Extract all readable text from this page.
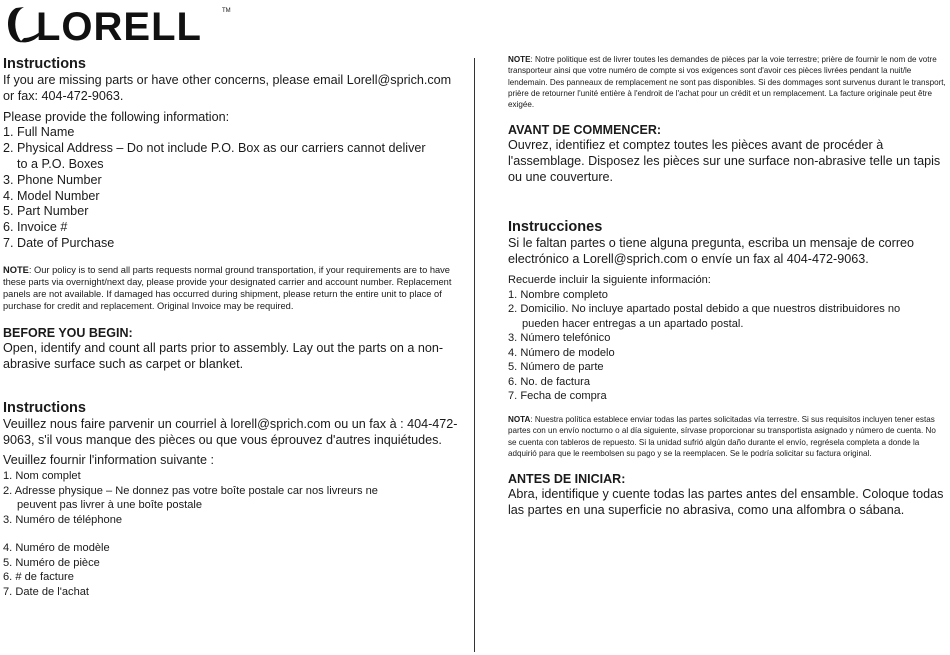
LORELL	TM
Instructions

If you are missing parts or have other concerns, please email Lorell@sprich.com or fax: 404-472-9063.

Please provide the following information:

1. Full Name
2. Physical Address – Do not include P.O. Box as our carriers cannot deliver
to a P.O. Boxes
3. Phone Number
4. Model Number
5. Part Number
6. Invoice #
7. Date of Purchase

NOTE: Our policy is to send all parts requests normal ground transportation, if your requirements are to have these parts via overnight/next day, please provide your designated carrier and account number. Replacement panels are not available. If damaged has occurred during shipment, please return the entire unit to place of purchase for credit and replacement. Original Invoice may be required.

BEFORE YOU BEGIN:

Open, identify and count all parts prior to assembly. Lay out the parts on a non-abrasive surface such as carpet or blanket.

Instructions

Veuillez nous faire parvenir un courriel à lorell@sprich.com ou un fax à : 404-472-9063, s'il vous manque des pièces ou que vous éprouvez d'autres inquiétudes.

Veuillez fournir l'information suivante :

1. Nom complet
2. Adresse physique – Ne donnez pas votre boîte postale car nos livreurs ne
peuvent pas livrer à une boîte postale
3. Numéro de téléphone
4. Numéro de modèle
5. Numéro de pièce
6. # de facture
7. Date de l'achat

NOTE: Notre politique est de livrer toutes les demandes de pièces par la voie terrestre; prière de fournir le nom de votre transporteur ainsi que votre numéro de compte si vos exigences sont d'avoir ces pièces livrées pendant la nuit/le lendemain. Des panneaux de remplacement ne sont pas disponibles. Si des dommages sont survenus durant le transport, prière de retourner l'unité entière à l'endroit de l'achat pour un crédit et un remplacement. La facture originale peut être exigée.

AVANT DE COMMENCER:

Ouvrez, identifiez et comptez toutes les pièces avant de procéder à l'assemblage. Disposez les pièces sur une surface non-abrasive telle un tapis ou une couverture.

Instrucciones

Si le faltan partes o tiene alguna pregunta, escriba un mensaje de correo electrónico a Lorell@sprich.com o envíe un fax al 404-472-9063.

Recuerde incluir la siguiente información:

1. Nombre completo
2. Domicilio. No incluye apartado postal debido a que nuestros distribuidores no
pueden hacer entregas a un apartado postal.
3. Número telefónico
4. Número de modelo
5. Número de parte
6. No. de factura
7. Fecha de compra

NOTA: Nuestra política establece enviar todas las partes solicitadas vía terrestre. Si sus requisitos incluyen tener estas partes con un envío nocturno o al día siguiente, sírvase proporcionar su transportista asignado y número de cuenta. No se cuenta con tableros de repuesto. Si la unidad sufrió algún daño durante el envío, regrésela completa a donde la adquirió para que le reembolsen su pago y se la reemplacen. Se le podría solicitar su factura original.

ANTES DE INICIAR:

Abra, identifique y cuente todas las partes antes del ensamble. Coloque todas las partes en una superficie no abrasiva, como una alfombra o sábana.
